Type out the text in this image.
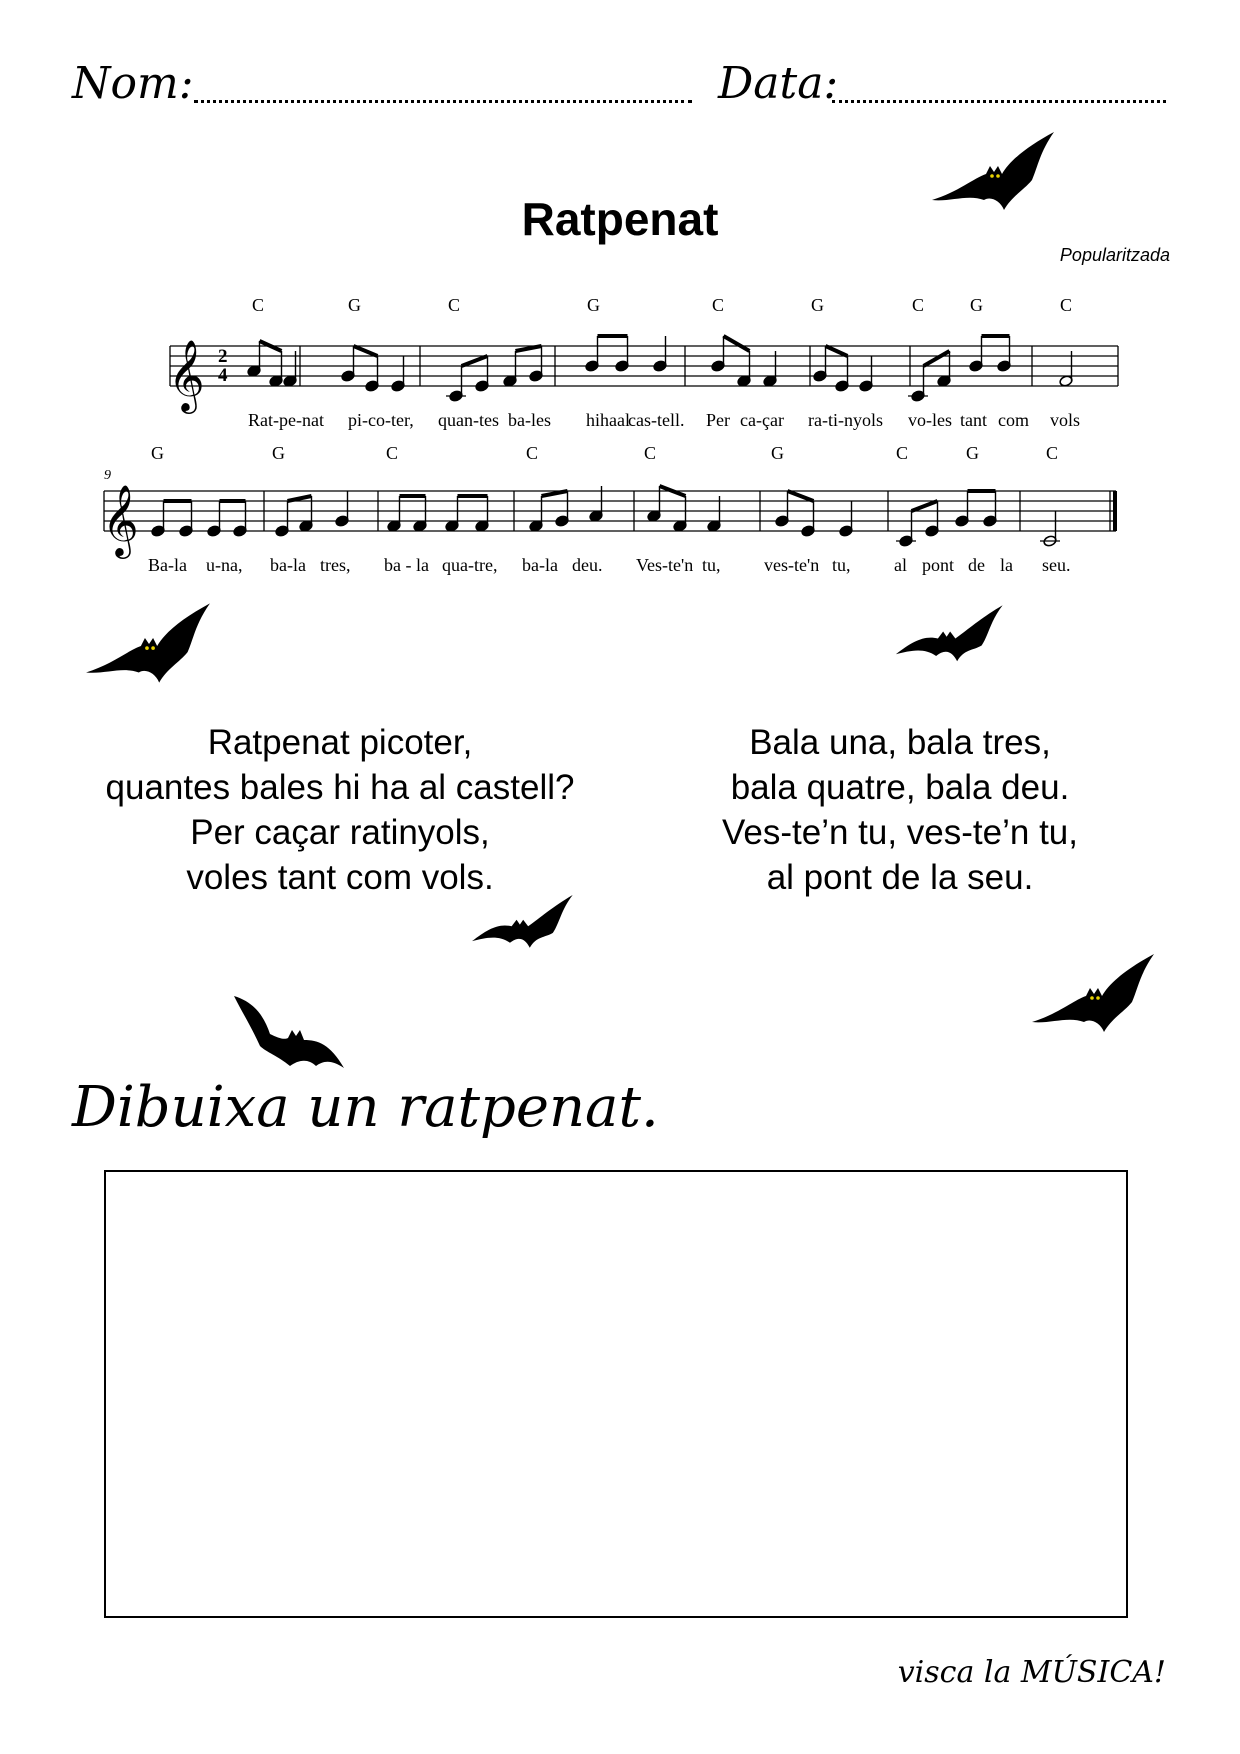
Nom:	Data:
Ratpenat
Popularitzada
C	G	C	G	C	G	C	G	C
𝄞 2
4
Rat-pe-nat pi-co-ter, quan-tes ba-les hihaal
cas-tell. Per ca-çar ra-ti-nyols vo-les tant com vols
G	G	C	C	C	G	C	G	C
9
𝄞
Ba-la u-na, ba-la tres, ba - la qua-tre, ba-la deu. Ves-te'n tu, ves-te'n tu, al pont de la seu.
Ratpenat picoter,
quantes bales hi ha al castell?
Per caçar ratinyols,
voles tant com vols.
Bala una, bala tres,
bala quatre, bala deu.
Ves-te’n tu, ves-te’n tu,
al pont de la seu.
Dibuixa un ratpenat.
visca la MÚSICA!
